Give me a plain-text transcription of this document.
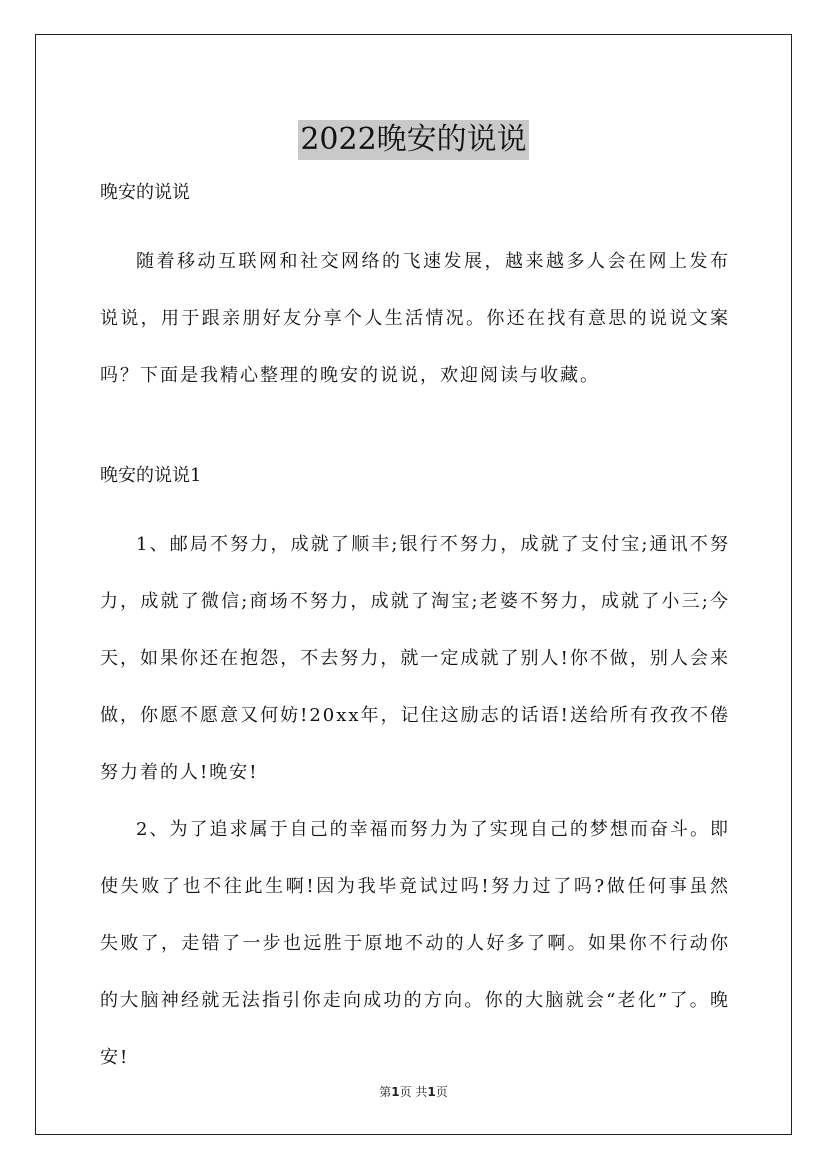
2022晚安的说说

晚安的说说

随着移动互联网和社交网络的飞速发展，越来越多人会在网上发布说说，用于跟亲朋好友分享个人生活情况。你还在找有意思的说说文案吗？下面是我精心整理的晚安的说说，欢迎阅读与收藏。

晚安的说说1

1、邮局不努力，成就了顺丰;银行不努力，成就了支付宝;通讯不努力，成就了微信;商场不努力，成就了淘宝;老婆不努力，成就了小三;今天，如果你还在抱怨，不去努力，就一定成就了别人!你不做，别人会来做，你愿不愿意又何妨!20xx年，记住这励志的话语!送给所有孜孜不倦努力着的人!晚安!

2、为了追求属于自己的幸福而努力为了实现自己的梦想而奋斗。即使失败了也不往此生啊!因为我毕竟试过吗!努力过了吗?做任何事虽然失败了，走错了一步也远胜于原地不动的人好多了啊。如果你不行动你的大脑神经就无法指引你走向成功的方向。你的大脑就会“老化”了。晚安!

第1页 共1页
